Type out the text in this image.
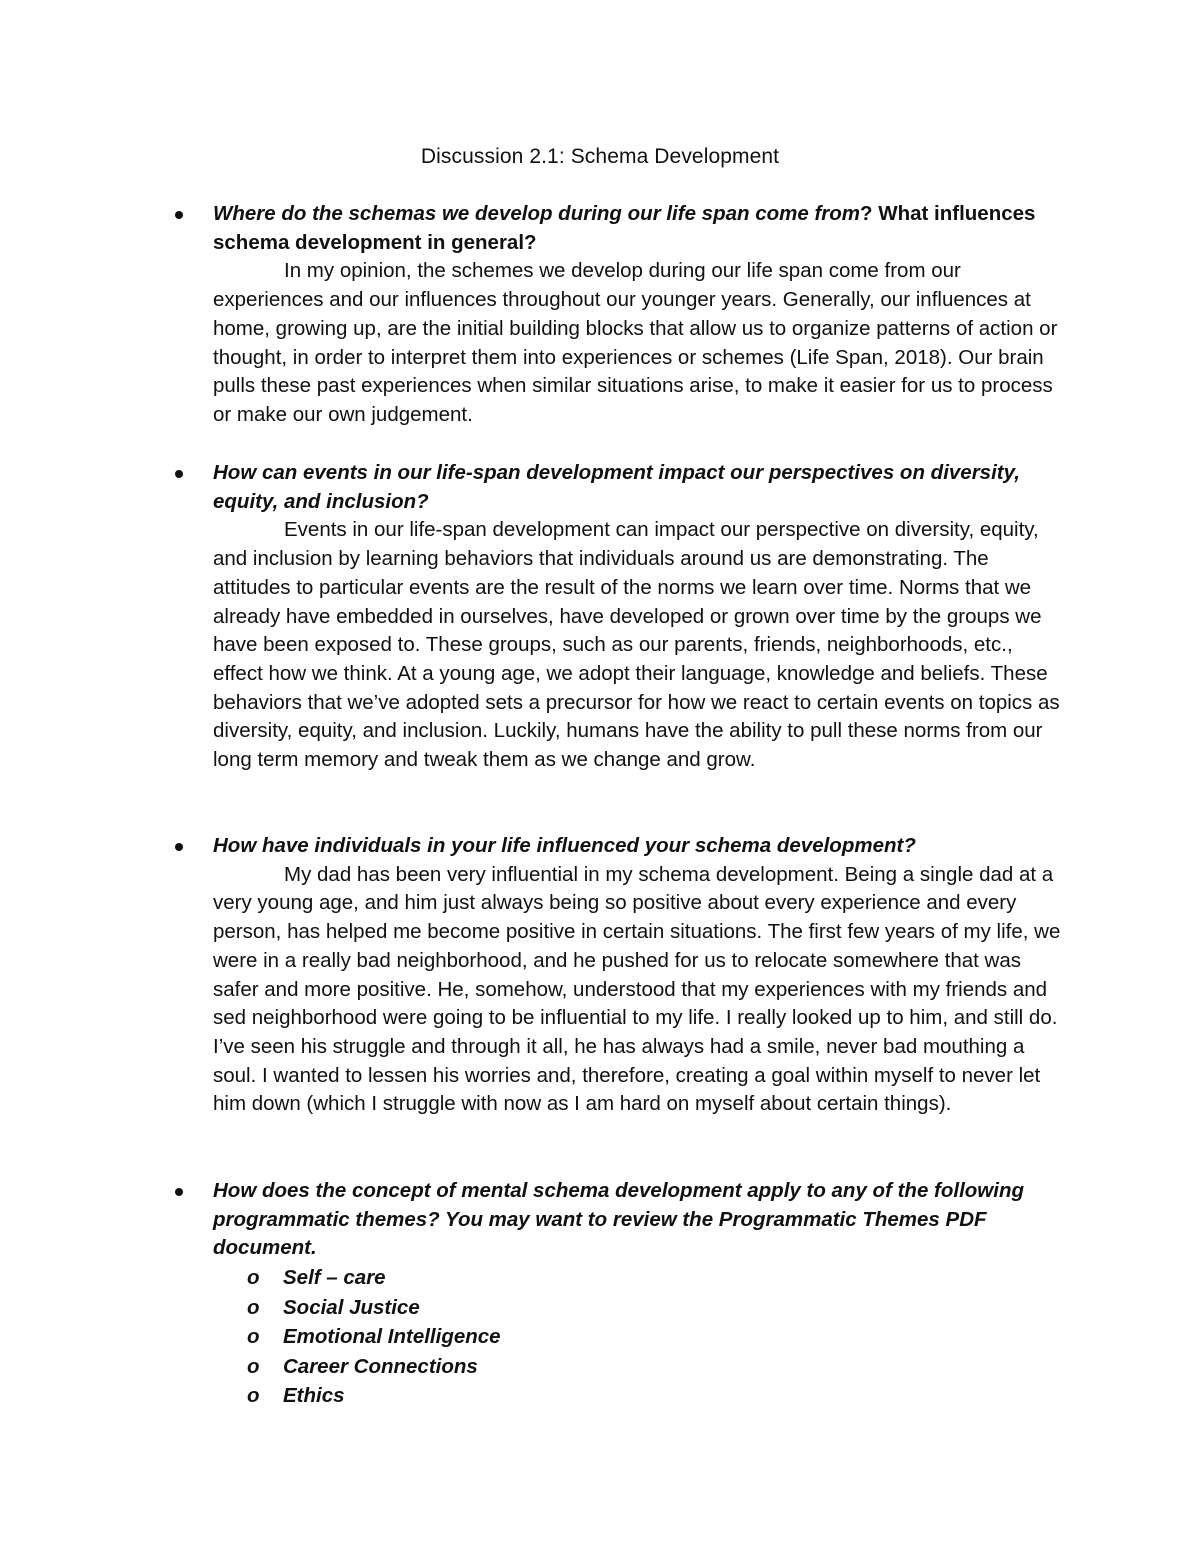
Discussion 2.1: Schema Development
Where do the schemas we develop during our life span come from? What influences schema development in general?
In my opinion, the schemes we develop during our life span come from our experiences and our influences throughout our younger years. Generally, our influences at home, growing up, are the initial building blocks that allow us to organize patterns of action or thought, in order to interpret them into experiences or schemes (Life Span, 2018). Our brain pulls these past experiences when similar situations arise, to make it easier for us to process or make our own judgement.
How can events in our life-span development impact our perspectives on diversity, equity, and inclusion?
Events in our life-span development can impact our perspective on diversity, equity, and inclusion by learning behaviors that individuals around us are demonstrating. The attitudes to particular events are the result of the norms we learn over time. Norms that we already have embedded in ourselves, have developed or grown over time by the groups we have been exposed to. These groups, such as our parents, friends, neighborhoods, etc., effect how we think. At a young age, we adopt their language, knowledge and beliefs. These behaviors that we’ve adopted sets a precursor for how we react to certain events on topics as diversity, equity, and inclusion. Luckily, humans have the ability to pull these norms from our long term memory and tweak them as we change and grow.
How have individuals in your life influenced your schema development?
My dad has been very influential in my schema development. Being a single dad at a very young age, and him just always being so positive about every experience and every person, has helped me become positive in certain situations. The first few years of my life, we were in a really bad neighborhood, and he pushed for us to relocate somewhere that was safer and more positive. He, somehow, understood that my experiences with my friends and sed neighborhood were going to be influential to my life. I really looked up to him, and still do. I’ve seen his struggle and through it all, he has always had a smile, never bad mouthing a soul. I wanted to lessen his worries and, therefore, creating a goal within myself to never let him down (which I struggle with now as I am hard on myself about certain things).
How does the concept of mental schema development apply to any of the following programmatic themes? You may want to review the Programmatic Themes PDF document.
o Self – care
o Social Justice
o Emotional Intelligence
o Career Connections
o Ethics
